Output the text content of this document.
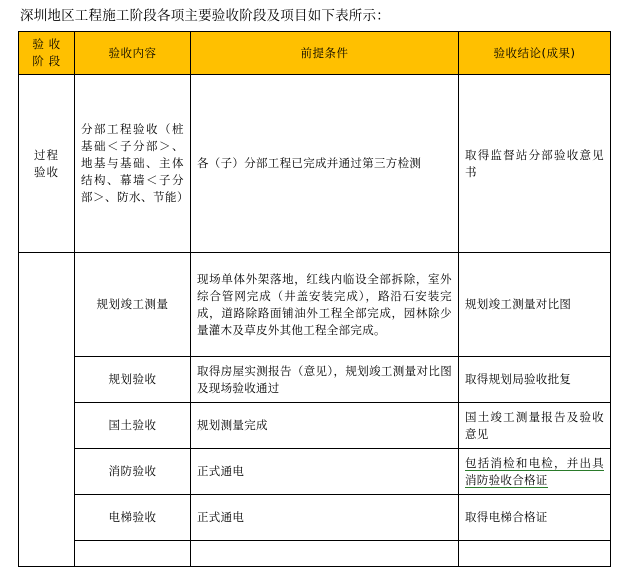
深圳地区工程施工阶段各项主要验收阶段及项目如下表所示：
验 收
阶 段	验收内容	前提条件	验收结论(成果)

过程
验收	分部工程验收（桩基础＜子分部＞、地基与基础、主体结构、幕墙＜子分部＞、防水、节能）	各（子）分部工程已完成并通过第三方检测	取得监督站分部验收意见书

	规划竣工测量	现场单体外架落地，红线内临设全部拆除，室外综合管网完成（井盖安装完成），路沿石安装完成，道路除路面铺油外工程全部完成，园林除少量灌木及草皮外其他工程全部完成。	规划竣工测量对比图
	规划验收	取得房屋实测报告（意见），规划竣工测量对比图及现场验收通过	取得规划局验收批复
	国土验收	规划测量完成	国土竣工测量报告及验收意见
	消防验收	正式通电	包括消检和电检，并出具消防验收合格证
	电梯验收	正式通电	取得电梯合格证
